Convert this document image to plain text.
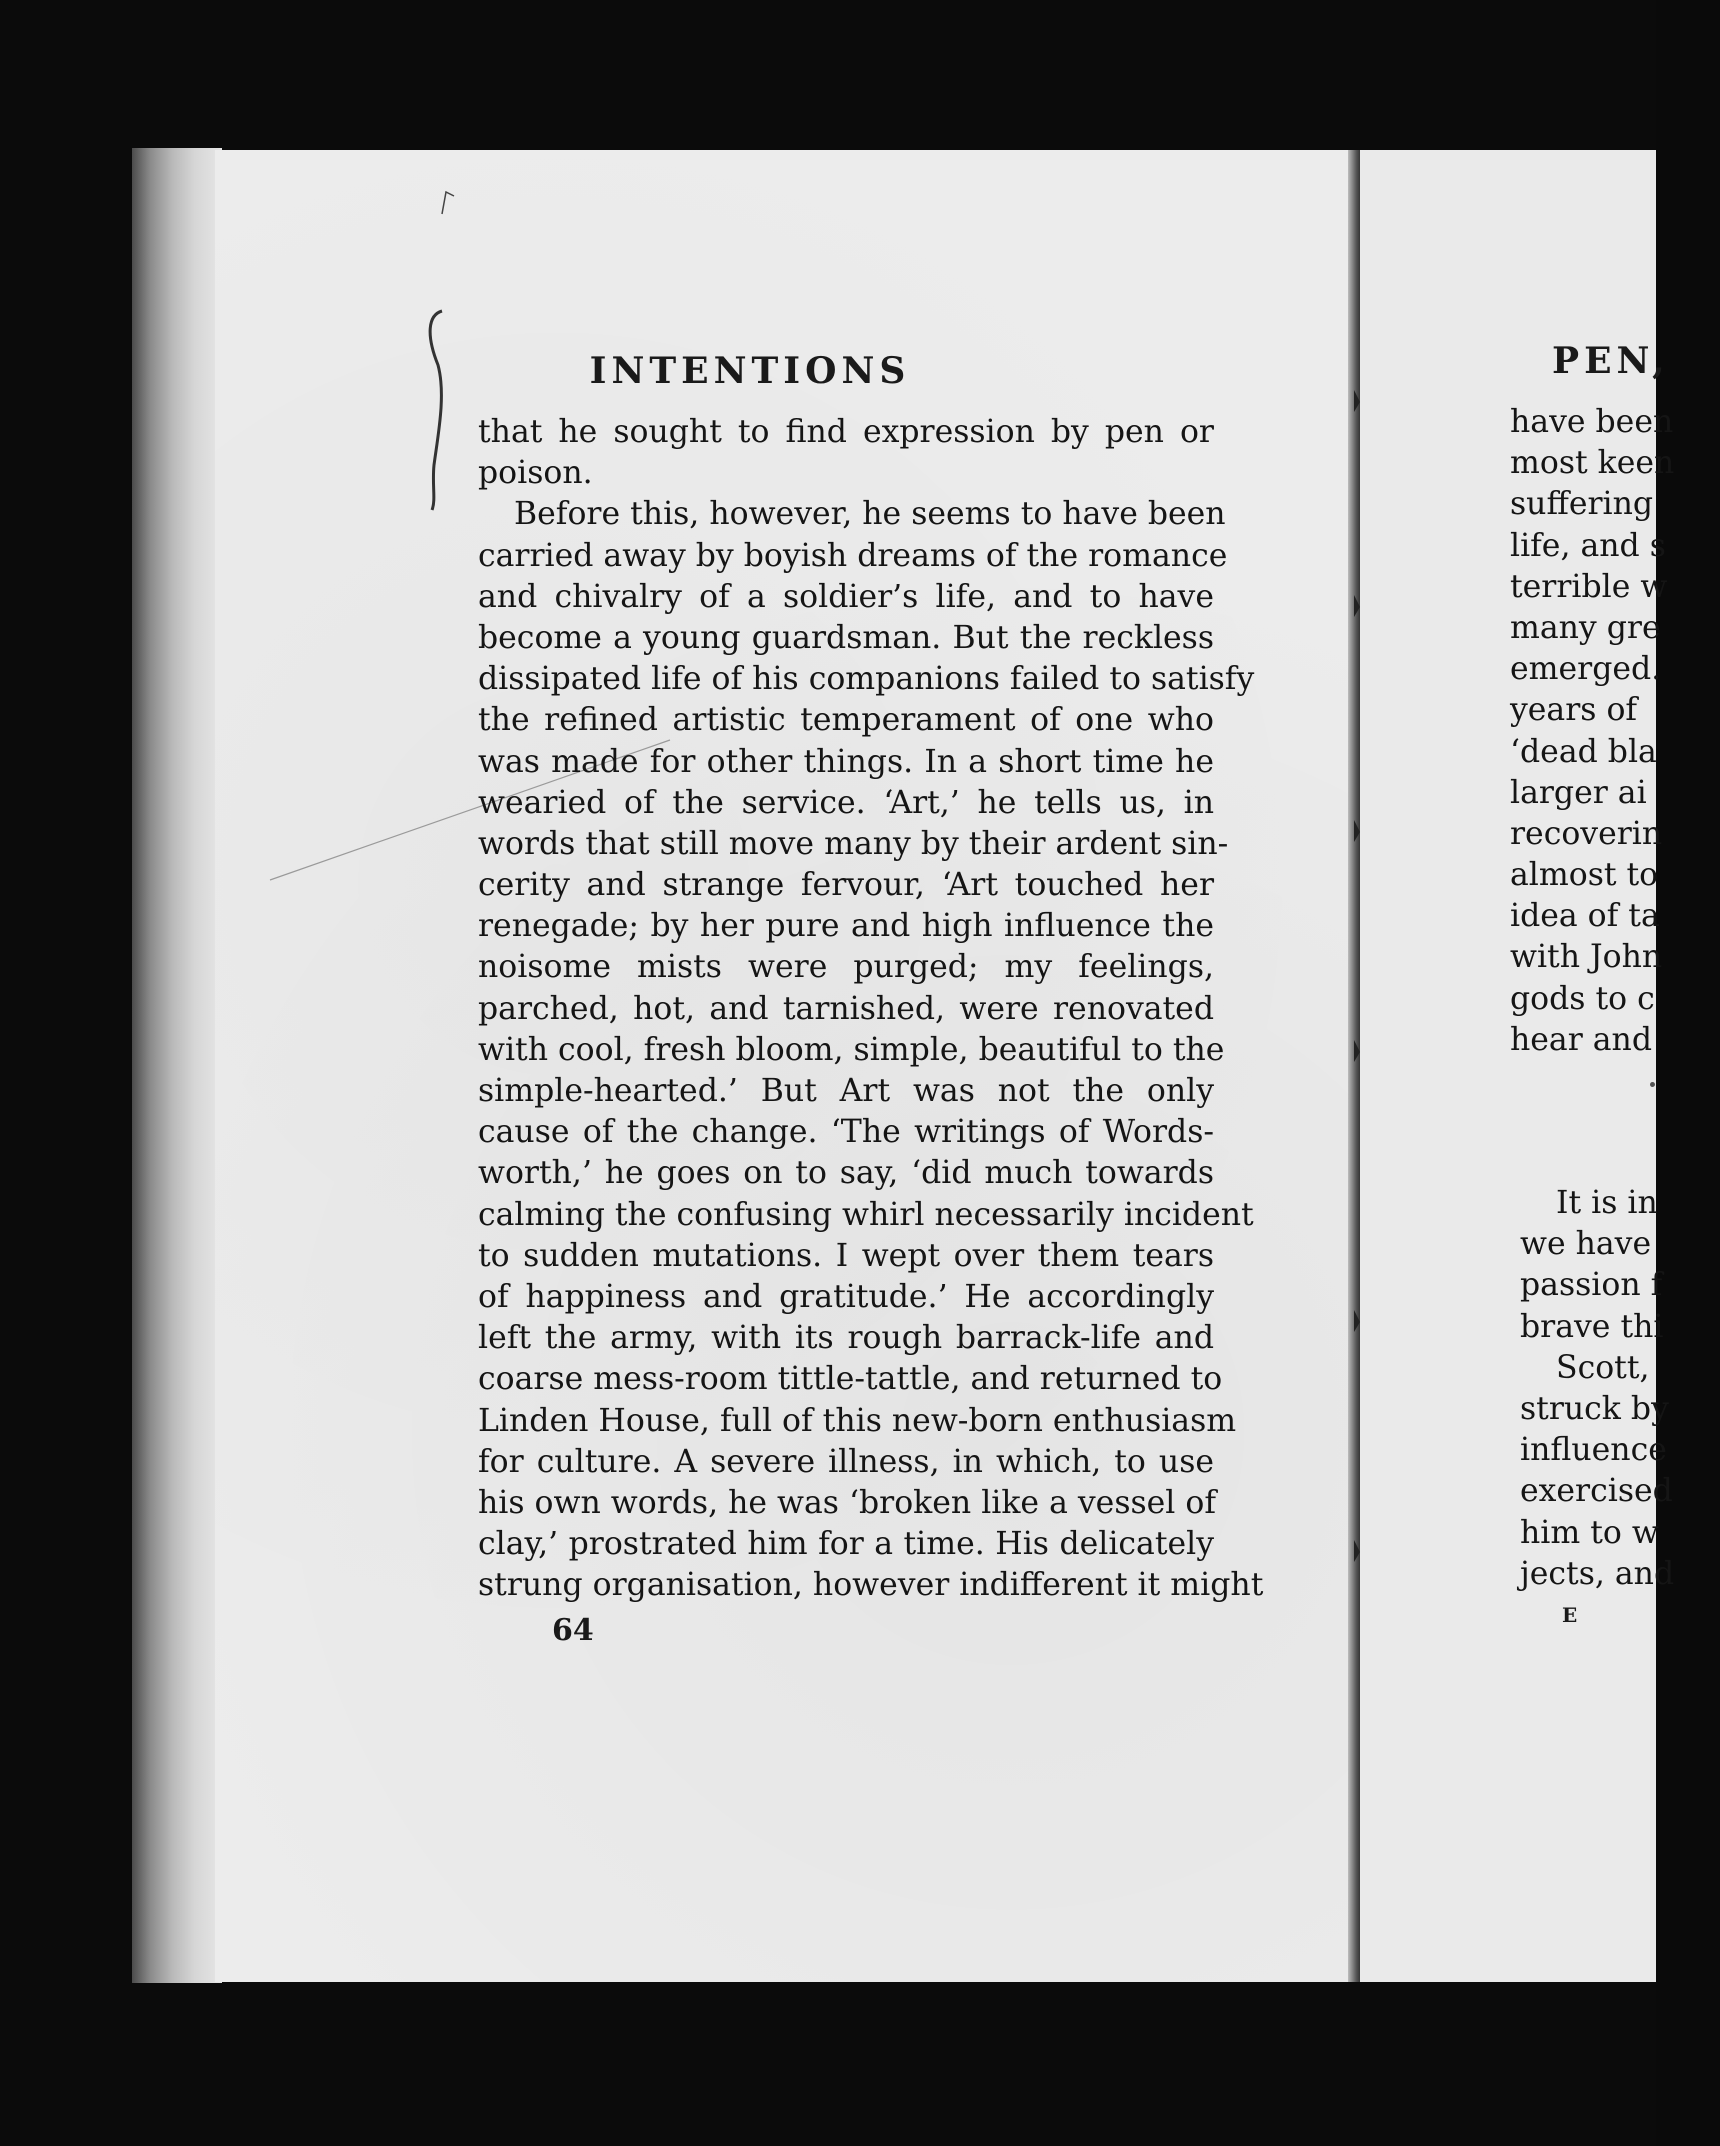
INTENTIONS
that he sought to find expression by pen or
poison.
Before this, however, he seems to have been
carried away by boyish dreams of the romance
and chivalry of a soldier’s life, and to have
become a young guardsman. But the reckless
dissipated life of his companions failed to satisfy
the refined artistic temperament of one who
was made for other things. In a short time he
wearied of the service. ‘Art,’ he tells us, in
words that still move many by their ardent sin-
cerity and strange fervour, ‘Art touched her
renegade; by her pure and high influence the
noisome mists were purged; my feelings,
parched, hot, and tarnished, were renovated
with cool, fresh bloom, simple, beautiful to the
simple-hearted.’ But Art was not the only
cause of the change. ‘The writings of Words-
worth,’ he goes on to say, ‘did much towards
calming the confusing whirl necessarily incident
to sudden mutations. I wept over them tears
of happiness and gratitude.’ He accordingly
left the army, with its rough barrack-life and
coarse mess-room tittle-tattle, and returned to
Linden House, full of this new-born enthusiasm
for culture. A severe illness, in which, to use
his own words, he was ‘broken like a vessel of
clay,’ prostrated him for a time. His delicately
strung organisation, however indifferent it might
64
PEN,
have been
most keen
suffering
life, and s
terrible w
many gre
emerged.
years of
‘dead bla
larger ai
recoverin
almost to
idea of ta
with John
gods to c
hear and
It is in
we have
passion f
brave thi
Scott,
struck by
influence
exercised
him to w
jects, and
E
